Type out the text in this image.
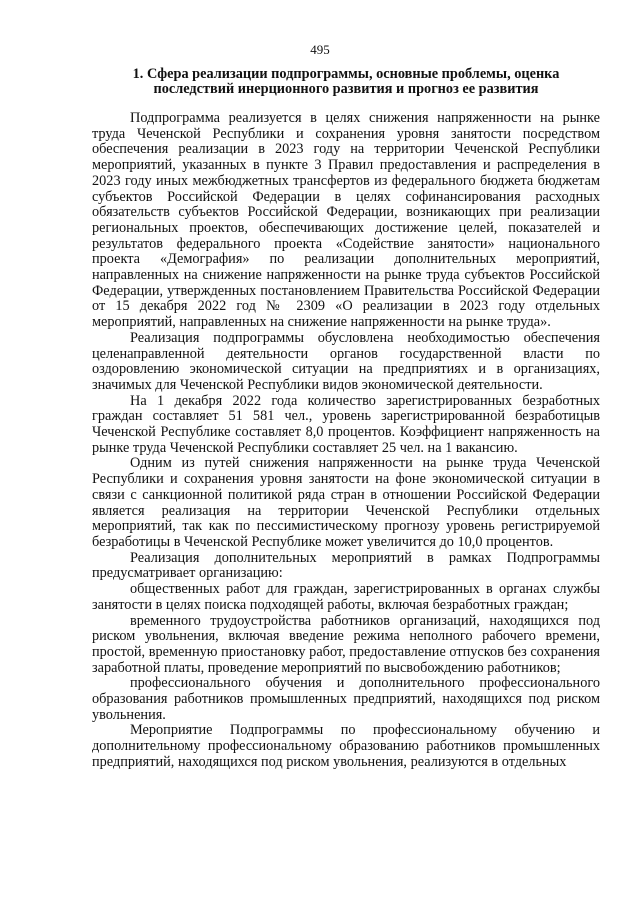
495
1. Сфера реализации подпрограммы, основные проблемы, оценка последствий инерционного развития и прогноз ее развития

Подпрограмма реализуется в целях снижения напряженности на рынке труда Чеченской Республики и сохранения уровня занятости посредством обеспечения реализации в 2023 году на территории Чеченской Республики мероприятий, указанных в пункте 3 Правил предоставления и распределения в 2023 году иных межбюджетных трансфертов из федерального бюджета бюджетам субъектов Российской Федерации в целях софинансирования расходных обязательств субъектов Российской Федерации, возникающих при реализации региональных проектов, обеспечивающих достижение целей, показателей и результатов федерального проекта «Содействие занятости» национального проекта «Демография» по реализации дополнительных мероприятий, направленных на снижение напряженности на рынке труда субъектов Российской Федерации, утвержденных постановлением Правительства Российской Федерации от 15 декабря 2022 год № 2309 «О реализации в 2023 году отдельных мероприятий, направленных на снижение напряженности на рынке труда».

Реализация подпрограммы обусловлена необходимостью обеспечения целенаправленной деятельности органов государственной власти по оздоровлению экономической ситуации на предприятиях и в организациях, значимых для Чеченской Республики видов экономической деятельности.

На 1 декабря 2022 года количество зарегистрированных безработных граждан составляет 51 581 чел., уровень зарегистрированной безработицыв Чеченской Республике составляет 8,0 процентов. Коэффициент напряженность на рынке труда Чеченской Республики составляет 25 чел. на 1 вакансию.

Одним из путей снижения напряженности на рынке труда Чеченской Республики и сохранения уровня занятости на фоне экономической ситуации в связи с санкционной политикой ряда стран в отношении Российской Федерации является реализация на территории Чеченской Республики отдельных мероприятий, так как по пессимистическому прогнозу уровень регистрируемой безработицы в Чеченской Республике может увеличится до 10,0 процентов.

Реализация дополнительных мероприятий в рамках Подпрограммы предусматривает организацию:

общественных работ для граждан, зарегистрированных в органах службы занятости в целях поиска подходящей работы, включая безработных граждан;

временного трудоустройства работников организаций, находящихся под риском увольнения, включая введение режима неполного рабочего времени, простой, временную приостановку работ, предоставление отпусков без сохранения заработной платы, проведение мероприятий по высвобождению работников;

профессионального обучения и дополнительного профессионального образования работников промышленных предприятий, находящихся под риском увольнения.

Мероприятие Подпрограммы по профессиональному обучению и дополнительному профессиональному образованию работников промышленных предприятий, находящихся под риском увольнения, реализуются в отдельных
